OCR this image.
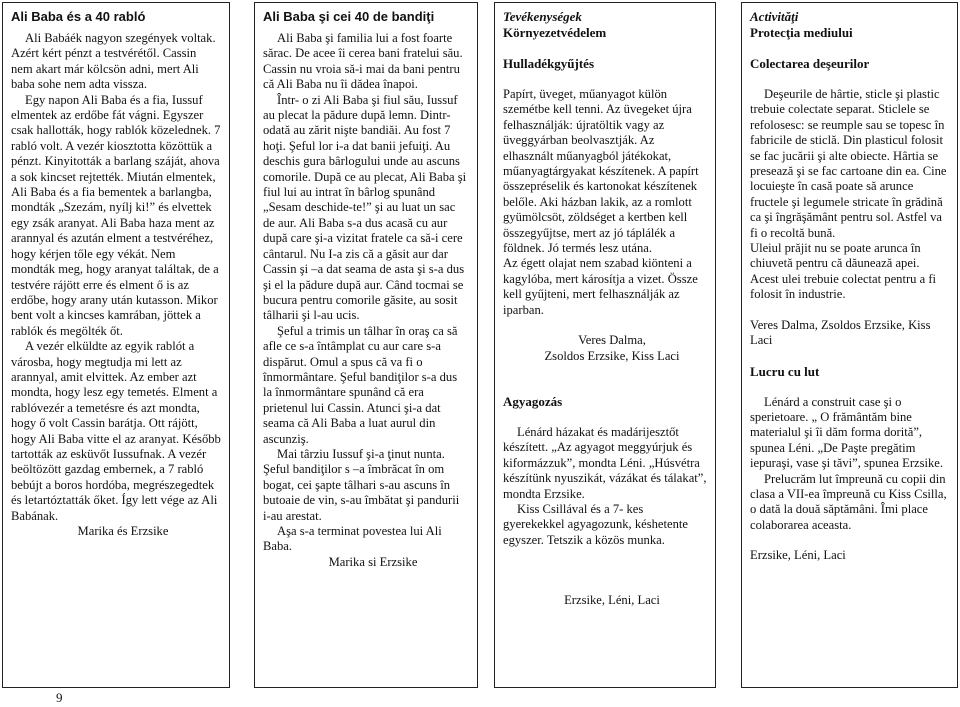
Ali Baba és a 40 rabló

Ali Babáék nagyon szegények voltak. Azért kért pénzt a testvérétől. Cassin nem akart már kölcsön adni, mert Ali baba sohe nem adta vissza.

Egy napon Ali Baba és a fia, Iussuf elmentek az erdőbe fát vágni. Egyszer csak hallották, hogy rablók közelednek. 7 rabló volt. A vezér kiosztotta közöttük a pénzt. Kinyitották a barlang száját, ahova a sok kincset rejtették. Miután elmentek, Ali Baba és a fia bementek a barlangba, mondták „Szezám, nyílj ki!” és elvettek egy zsák aranyat. Ali Baba haza ment az arannyal és azután elment a testvéréhez, hogy kérjen tőle egy vékát. Nem mondták meg, hogy aranyat találtak, de a testvére rájött erre és elment ő is az erdőbe, hogy arany után kutasson. Mikor bent volt a kincses kamrában, jöttek a rablók és megölték őt.

A vezér elküldte az egyik rablót a városba, hogy megtudja mi lett az arannyal, amit elvittek. Az ember azt mondta, hogy lesz egy temetés. Elment a rablóvezér a temetésre és azt mondta, hogy ő volt Cassin barátja. Ott rájött, hogy Ali Baba vitte el az aranyat. Később tartották az esküvőt Iussufnak. A vezér beöltözött gazdag embernek, a 7 rabló bebújt a boros hordóba, megrészegedtek és letartóztatták őket. Így lett vége az Ali Babának.

Marika és Erzsike

Ali Baba şi cei 40 de bandiţi

Ali Baba şi familia lui a fost foarte sărac. De acee îi cerea bani fratelui său. Cassin nu vroia să-i mai da bani pentru că Ali Baba nu îi dădea înapoi.

Într- o zi Ali Baba şi fiul său, Iussuf au plecat la pădure după lemn. Dintr-odată au zărit nişte bandiăi. Au fost 7 hoţi. Şeful lor i-a dat banii jefuiţi. Au deschis gura bârlogului unde au ascuns comorile. După ce au plecat, Ali Baba şi fiul lui au intrat în bârlog spunând „Sesam deschide-te!” şi au luat un sac de aur. Ali Baba s-a dus acasă cu aur după care şi-a vizitat fratele ca să-i cere cântarul. Nu I-a zis că a găsit aur dar Cassin şi –a dat seama de asta şi s-a dus şi el la pădure după aur. Când tocmai se bucura pentru comorile găsite, au sosit tâlharii şi l-au ucis.

Şeful a trimis un tâlhar în oraş ca să afle ce s-a întâmplat cu aur care s-a dispărut. Omul a spus că va fi o înmormântare. Şeful bandiţilor s-a dus la înmormântare spunând că era prietenul lui Cassin. Atunci şi-a dat seama că Ali Baba a luat aurul din ascunziş.

Mai târziu Iussuf şi-a ţinut nunta. Şeful bandiţilor s –a îmbrăcat în om bogat, cei şapte tâlhari s-au ascuns în butoaie de vin, s-au îmbătat şi pandurii i-au arestat.

Aşa s-a terminat povestea lui Ali Baba.

Marika si Erzsike

Tevékenységek
Környezetvédelem
Hulladékgyűjtés

Papírt, üveget, műanyagot külön szemétbe kell tenni. Az üvegeket újra felhasználják: újratöltik vagy az üveggyárban beolvasztják. Az elhasznált műanyagból játékokat, műanyagtárgyakat készítenek. A papírt összepréselik és kartonokat készítenek belőle. Aki házban lakik, az a romlott gyümölcsöt, zöldséget a kertben kell összegyűjtse, mert az jó táplálék a földnek. Jó termés lesz utána.

Az égett olajat nem szabad kiönteni a kagylóba, mert károsítja a vizet. Össze kell gyűjteni, mert felhasználják az iparban.

Veres Dalma,

Zsoldos Erzsike, Kiss Laci

Agyagozás

Lénárd házakat és madárijesztőt készített. „Az agyagot meggyúrjuk és kiformázzuk”, mondta Léni. „Húsvétra készítünk nyuszikát, vázákat és tálakat”, mondta Erzsike.

Kiss Csillával és a 7- kes gyerekekkel agyagozunk, késhetente egyszer. Tetszik a közös munka.

Erzsike, Léni, Laci

Activităţi
Protecţia mediului
Colectarea deşeurilor

Deşeurile de hârtie, sticle şi plastic trebuie colectate separat. Sticlele se refolosesc: se reumple sau se topesc în fabricile de sticlă. Din plasticul folosit se fac jucării şi alte obiecte. Hârtia se presează şi se fac cartoane din ea. Cine locuieşte în casă poate să arunce fructele şi legumele stricate în grădină ca şi îngrăşământ pentru sol. Astfel va fi o recoltă bună.

Uleiul prăjit nu se poate arunca în chiuvetă pentru că dăunează apei. Acest ulei trebuie colectat pentru a fi folosit în industrie.

Veres Dalma, Zsoldos Erzsike, Kiss Laci

Lucru cu lut

Lénárd a construit case şi o sperietoare. „ O frământăm bine materialul şi îi dăm forma dorită”, spunea Léni. „De Paşte pregătim iepuraşi, vase şi tăvi”, spunea Erzsike.

Prelucrăm lut împreună cu copii din clasa a VII-ea împreună cu Kiss Csilla, o dată la două săptămâni. Îmi place colaborarea aceasta.

Erzsike, Léni, Laci

9
